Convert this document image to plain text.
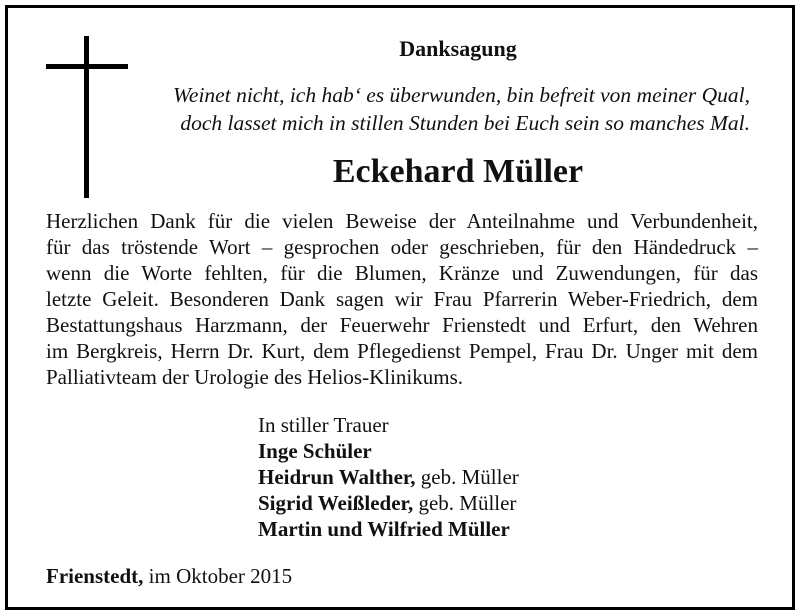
Danksagung
Weinet nicht, ich hab‘ es überwunden, bin befreit von meiner Qual,
doch lasset mich in stillen Stunden bei Euch sein so manches Mal.
Eckehard Müller
Herzlichen Dank für die vielen Beweise der Anteilnahme und Verbundenheit,
für das tröstende Wort – gesprochen oder geschrieben, für den Händedruck –
wenn die Worte fehlten, für die Blumen, Kränze und Zuwendungen, für das
letzte Geleit. Besonderen Dank sagen wir Frau Pfarrerin Weber-Friedrich, dem
Bestattungshaus Harzmann, der Feuerwehr Frienstedt und Erfurt, den Wehren
im Bergkreis, Herrn Dr. Kurt, dem Pflegedienst Pempel, Frau Dr. Unger mit dem
Palliativteam der Urologie des Helios-Klinikums.
In stiller Trauer
Inge Schüler
Heidrun Walther, geb. Müller
Sigrid Weißleder, geb. Müller
Martin und Wilfried Müller
Frienstedt, im Oktober 2015
